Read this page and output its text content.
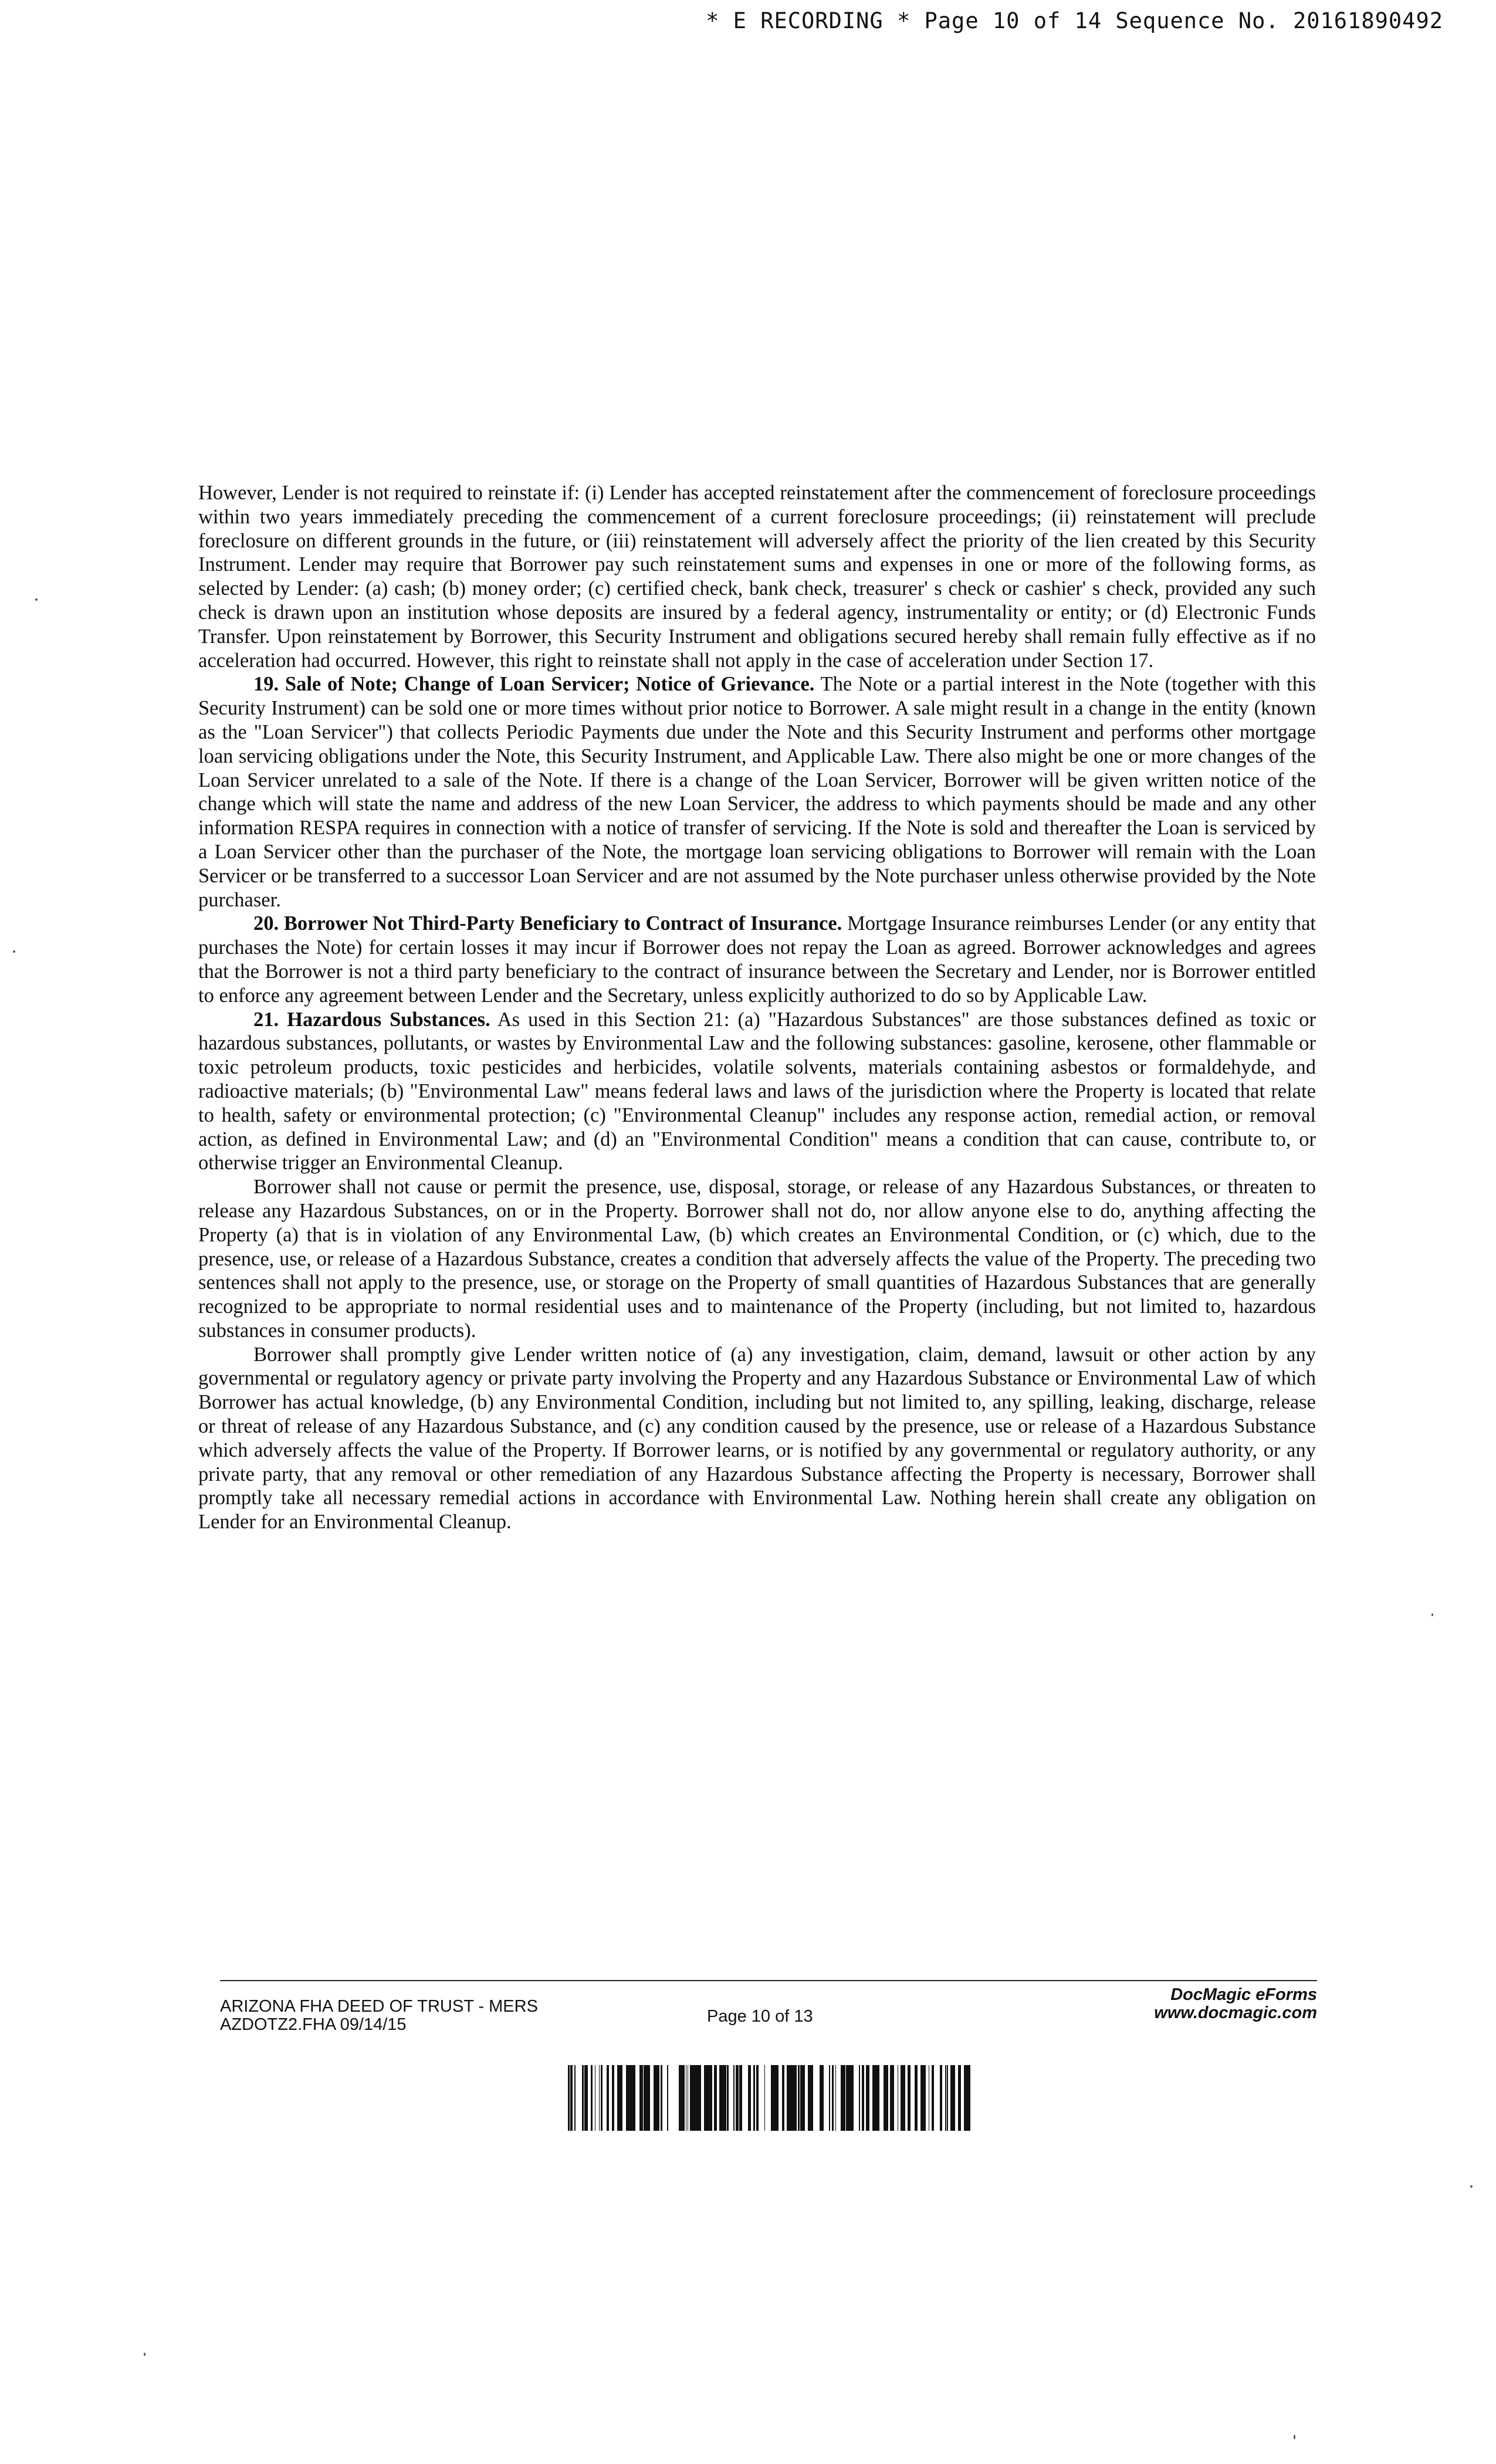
* E RECORDING * Page 10 of 14 Sequence No. 20161890492

However, Lender is not required to reinstate if: (i) Lender has accepted reinstatement after the commencement of foreclosure proceedings within two years immediately preceding the commencement of a current foreclosure proceedings; (ii) reinstatement will preclude foreclosure on different grounds in the future, or (iii) reinstatement will adversely affect the priority of the lien created by this Security Instrument. Lender may require that Borrower pay such reinstatement sums and expenses in one or more of the following forms, as selected by Lender: (a) cash; (b) money order; (c) certified check, bank check, treasurer' s check or cashier' s check, provided any such check is drawn upon an institution whose deposits are insured by a federal agency, instrumentality or entity; or (d) Electronic Funds Transfer. Upon reinstatement by Borrower, this Security Instrument and obligations secured hereby shall remain fully effective as if no acceleration had occurred. However, this right to reinstate shall not apply in the case of acceleration under Section 17.

19. Sale of Note; Change of Loan Servicer; Notice of Grievance. The Note or a partial interest in the Note (together with this Security Instrument) can be sold one or more times without prior notice to Borrower. A sale might result in a change in the entity (known as the "Loan Servicer") that collects Periodic Payments due under the Note and this Security Instrument and performs other mortgage loan servicing obligations under the Note, this Security Instrument, and Applicable Law. There also might be one or more changes of the Loan Servicer unrelated to a sale of the Note. If there is a change of the Loan Servicer, Borrower will be given written notice of the change which will state the name and address of the new Loan Servicer, the address to which payments should be made and any other information RESPA requires in connection with a notice of transfer of servicing. If the Note is sold and thereafter the Loan is serviced by a Loan Servicer other than the purchaser of the Note, the mortgage loan servicing obligations to Borrower will remain with the Loan Servicer or be transferred to a successor Loan Servicer and are not assumed by the Note purchaser unless otherwise provided by the Note purchaser.

20. Borrower Not Third-Party Beneficiary to Contract of Insurance. Mortgage Insurance reimburses Lender (or any entity that purchases the Note) for certain losses it may incur if Borrower does not repay the Loan as agreed. Borrower acknowledges and agrees that the Borrower is not a third party beneficiary to the contract of insurance between the Secretary and Lender, nor is Borrower entitled to enforce any agreement between Lender and the Secretary, unless explicitly authorized to do so by Applicable Law.

21. Hazardous Substances. As used in this Section 21: (a) "Hazardous Substances" are those substances defined as toxic or hazardous substances, pollutants, or wastes by Environmental Law and the following substances: gasoline, kerosene, other flammable or toxic petroleum products, toxic pesticides and herbicides, volatile solvents, materials containing asbestos or formaldehyde, and radioactive materials; (b) "Environmental Law" means federal laws and laws of the jurisdiction where the Property is located that relate to health, safety or environmental protection; (c) "Environmental Cleanup" includes any response action, remedial action, or removal action, as defined in Environmental Law; and (d) an "Environmental Condition" means a condition that can cause, contribute to, or otherwise trigger an Environmental Cleanup.

Borrower shall not cause or permit the presence, use, disposal, storage, or release of any Hazardous Substances, or threaten to release any Hazardous Substances, on or in the Property. Borrower shall not do, nor allow anyone else to do, anything affecting the Property (a) that is in violation of any Environmental Law, (b) which creates an Environmental Condition, or (c) which, due to the presence, use, or release of a Hazardous Substance, creates a condition that adversely affects the value of the Property. The preceding two sentences shall not apply to the presence, use, or storage on the Property of small quantities of Hazardous Substances that are generally recognized to be appropriate to normal residential uses and to maintenance of the Property (including, but not limited to, hazardous substances in consumer products).

Borrower shall promptly give Lender written notice of (a) any investigation, claim, demand, lawsuit or other action by any governmental or regulatory agency or private party involving the Property and any Hazardous Substance or Environmental Law of which Borrower has actual knowledge, (b) any Environmental Condition, including but not limited to, any spilling, leaking, discharge, release or threat of release of any Hazardous Substance, and (c) any condition caused by the presence, use or release of a Hazardous Substance which adversely affects the value of the Property. If Borrower learns, or is notified by any governmental or regulatory authority, or any private party, that any removal or other remediation of any Hazardous Substance affecting the Property is necessary, Borrower shall promptly take all necessary remedial actions in accordance with Environmental Law. Nothing herein shall create any obligation on Lender for an Environmental Cleanup.

ARIZONA FHA DEED OF TRUST - MERS
AZDOTZ2.FHA 09/14/15	Page 10 of 13
DocMagic eForms
www.docmagic.com
